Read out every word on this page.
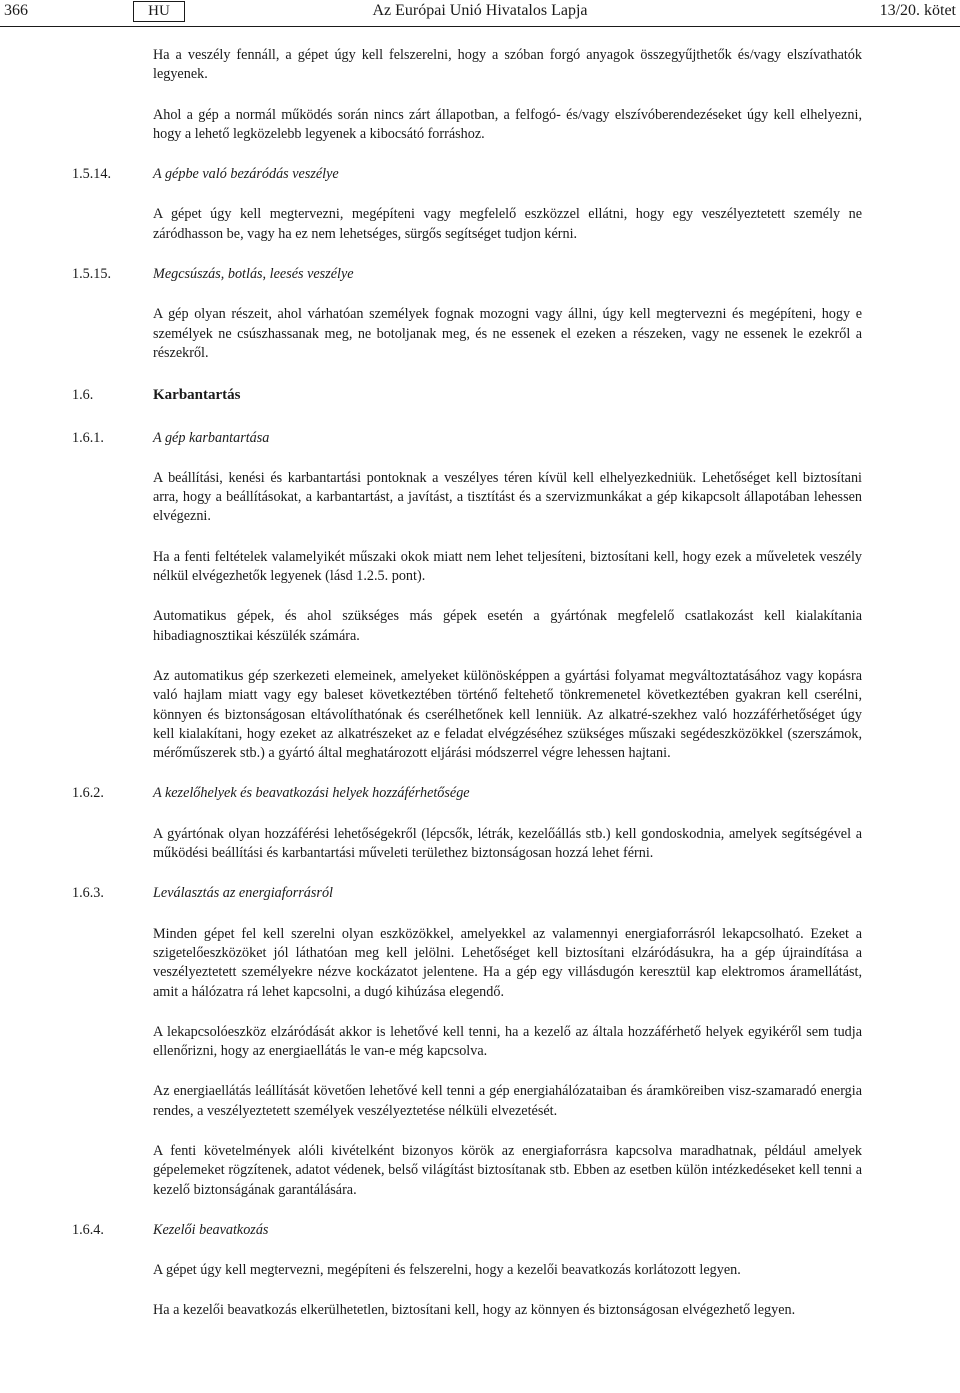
366	HU	Az Európai Unió Hivatalos Lapja	13/20. kötet

Ha a veszély fennáll, a gépet úgy kell felszerelni, hogy a szóban forgó anyagok összegyűjthetők és/vagy elszívathatók legyenek.

Ahol a gép a normál működés során nincs zárt állapotban, a felfogó- és/vagy elszívóberendezéseket úgy kell elhelyezni, hogy a lehető legközelebb legyenek a kibocsátó forráshoz.

1.5.14.	A gépbe való bezáródás veszélye

A gépet úgy kell megtervezni, megépíteni vagy megfelelő eszközzel ellátni, hogy egy veszélyeztetett személy ne záródhasson be, vagy ha ez nem lehetséges, sürgős segítséget tudjon kérni.

1.5.15.	Megcsúszás, botlás, leesés veszélye

A gép olyan részeit, ahol várhatóan személyek fognak mozogni vagy állni, úgy kell megtervezni és megépíteni, hogy e személyek ne csúszhassanak meg, ne botoljanak meg, és ne essenek el ezeken a részeken, vagy ne essenek le ezekről a részekről.

1.6.	Karbantartás
1.6.1.	A gép karbantartása

A beállítási, kenési és karbantartási pontoknak a veszélyes téren kívül kell elhelyezkedniük. Lehetőséget kell biztosítani arra, hogy a beállításokat, a karbantartást, a javítást, a tisztítást és a szervizmunkákat a gép kikapcsolt állapotában lehessen elvégezni.

Ha a fenti feltételek valamelyikét műszaki okok miatt nem lehet teljesíteni, biztosítani kell, hogy ezek a műveletek veszély nélkül elvégezhetők legyenek (lásd 1.2.5. pont).

Automatikus gépek, és ahol szükséges más gépek esetén a gyártónak megfelelő csatlakozást kell kialakítania hibadiagnosztikai készülék számára.

Az automatikus gép szerkezeti elemeinek, amelyeket különösképpen a gyártási folyamat megváltoztatásához vagy kopásra való hajlam miatt vagy egy baleset következtében történő feltehető tönkremenetel következtében gyakran kell cserélni, könnyen és biztonságosan eltávolíthatónak és cserélhetőnek kell lenniük. Az alkatré-szekhez való hozzáférhetőséget úgy kell kialakítani, hogy ezeket az alkatrészeket az e feladat elvégzéséhez szükséges műszaki segédeszközökkel (szerszámok, mérőműszerek stb.) a gyártó által meghatározott eljárási módszerrel végre lehessen hajtani.

1.6.2.	A kezelőhelyek és beavatkozási helyek hozzáférhetősége

A gyártónak olyan hozzáférési lehetőségekről (lépcsők, létrák, kezelőállás stb.) kell gondoskodnia, amelyek segítségével a működési beállítási és karbantartási műveleti területhez biztonságosan hozzá lehet férni.

1.6.3.	Leválasztás az energiaforrásról

Minden gépet fel kell szerelni olyan eszközökkel, amelyekkel az valamennyi energiaforrásról lekapcsolható. Ezeket a szigetelőeszközöket jól láthatóan meg kell jelölni. Lehetőséget kell biztosítani elzáródásukra, ha a gép újraindítása a veszélyeztetett személyekre nézve kockázatot jelentene. Ha a gép egy villásdugón keresztül kap elektromos áramellátást, amit a hálózatra rá lehet kapcsolni, a dugó kihúzása elegendő.

A lekapcsolóeszköz elzáródását akkor is lehetővé kell tenni, ha a kezelő az általa hozzáférhető helyek egyikéről sem tudja ellenőrizni, hogy az energiaellátás le van-e még kapcsolva.

Az energiaellátás leállítását követően lehetővé kell tenni a gép energiahálózataiban és áramköreiben visz-szamaradó energia rendes, a veszélyeztetett személyek veszélyeztetése nélküli elvezetését.

A fenti követelmények alóli kivételként bizonyos körök az energiaforrásra kapcsolva maradhatnak, például amelyek gépelemeket rögzítenek, adatot védenek, belső világítást biztosítanak stb. Ebben az esetben külön intézkedéseket kell tenni a kezelő biztonságának garantálására.

1.6.4.	Kezelői beavatkozás

A gépet úgy kell megtervezni, megépíteni és felszerelni, hogy a kezelői beavatkozás korlátozott legyen.

Ha a kezelői beavatkozás elkerülhetetlen, biztosítani kell, hogy az könnyen és biztonságosan elvégezhető legyen.
